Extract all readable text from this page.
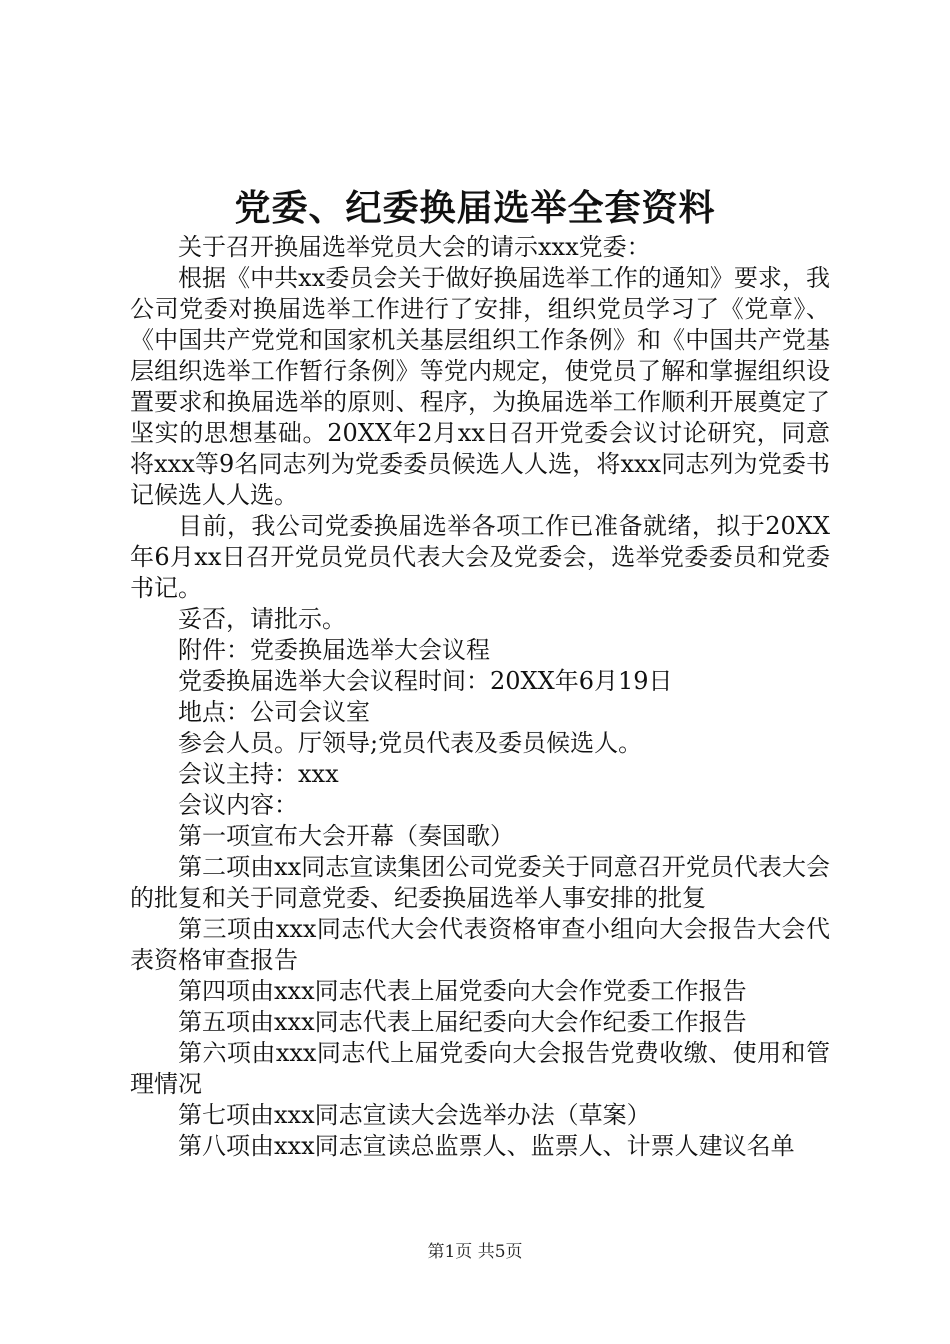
党委、纪委换届选举全套资料

关于召开换届选举党员大会的请示xxx党委：

根据《中共xx委员会关于做好换届选举工作的通知》要求，我公司党委对换届选举工作进行了安排，组织党员学习了《党章》、《中国共产党党和国家机关基层组织工作条例》和《中国共产党基层组织选举工作暂行条例》等党内规定，使党员了解和掌握组织设置要求和换届选举的原则、程序，为换届选举工作顺利开展奠定了坚实的思想基础。20XX年2月xx日召开党委会议讨论研究，同意将xxx等9名同志列为党委委员候选人人选，将xxx同志列为党委书记候选人人选。

目前，我公司党委换届选举各项工作已准备就绪，拟于20XX年6月xx日召开党员党员代表大会及党委会，选举党委委员和党委书记。

妥否，请批示。

附件：党委换届选举大会议程

党委换届选举大会议程时间：20XX年6月19日

地点：公司会议室

参会人员。厅领导;党员代表及委员候选人。

会议主持：xxx

会议内容：

第一项宣布大会开幕（奏国歌）

第二项由xx同志宣读集团公司党委关于同意召开党员代表大会的批复和关于同意党委、纪委换届选举人事安排的批复

第三项由xxx同志代大会代表资格审查小组向大会报告大会代表资格审查报告

第四项由xxx同志代表上届党委向大会作党委工作报告

第五项由xxx同志代表上届纪委向大会作纪委工作报告

第六项由xxx同志代上届党委向大会报告党费收缴、使用和管理情况

第七项由xxx同志宣读大会选举办法（草案）

第八项由xxx同志宣读总监票人、监票人、计票人建议名单

第1页 共5页
